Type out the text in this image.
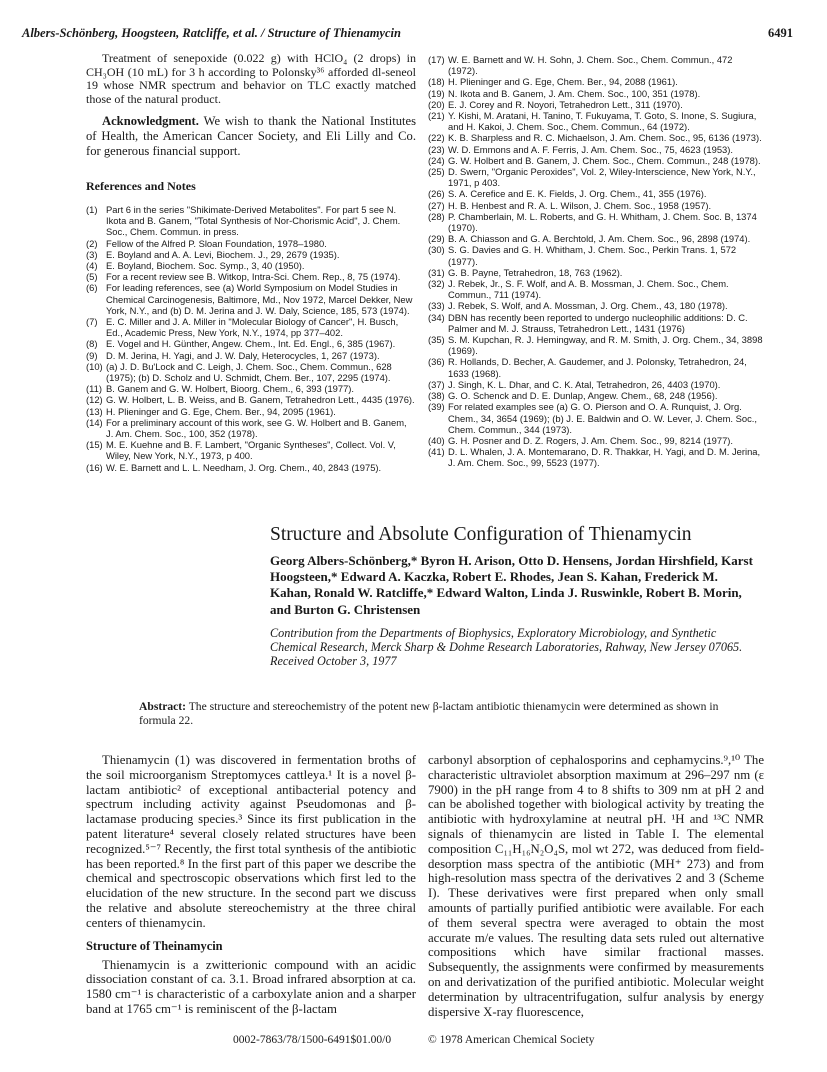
Albers-Schönberg, Hoogsteen, Ratcliffe, et al. / Structure of Thienamycin	6491

Treatment of senepoxide (0.022 g) with HClO₄ (2 drops) in CH₃OH (10 mL) for 3 h according to Polonsky³⁶ afforded dl-seneol 19 whose NMR spectrum and behavior on TLC exactly matched those of the natural product.

Acknowledgment. We wish to thank the National Institutes of Health, the American Cancer Society, and Eli Lilly and Co. for generous financial support.

References and Notes
(1) Part 6 in the series "Shikimate-Derived Metabolites". For part 5 see N. Ikota and B. Ganem, "Total Synthesis of Nor-Chorismic Acid", J. Chem. Soc., Chem. Commun. in press.
(2) Fellow of the Alfred P. Sloan Foundation, 1978–1980.
(3) E. Boyland and A. A. Levi, Biochem. J., 29, 2679 (1935).
(4) E. Boyland, Biochem. Soc. Symp., 3, 40 (1950).
(5) For a recent review see B. Witkop, Intra-Sci. Chem. Rep., 8, 75 (1974).
(6) For leading references, see (a) World Symposium on Model Studies in Chemical Carcinogenesis, Baltimore, Md., Nov 1972, Marcel Dekker, New York, N.Y., and (b) D. M. Jerina and J. W. Daly, Science, 185, 573 (1974).
(7) E. C. Miller and J. A. Miller in "Molecular Biology of Cancer", H. Busch, Ed., Academic Press, New York, N.Y., 1974, pp 377–402.
(8) E. Vogel and H. Günther, Angew. Chem., Int. Ed. Engl., 6, 385 (1967).
(9) D. M. Jerina, H. Yagi, and J. W. Daly, Heterocycles, 1, 267 (1973).
(10) (a) J. D. Bu'Lock and C. Leigh, J. Chem. Soc., Chem. Commun., 628 (1975); (b) D. Scholz and U. Schmidt, Chem. Ber., 107, 2295 (1974).
(11) B. Ganem and G. W. Holbert, Bioorg. Chem., 6, 393 (1977).
(12) G. W. Holbert, L. B. Weiss, and B. Ganem, Tetrahedron Lett., 4435 (1976).
(13) H. Plieninger and G. Ege, Chem. Ber., 94, 2095 (1961).
(14) For a preliminary account of this work, see G. W. Holbert and B. Ganem, J. Am. Chem. Soc., 100, 352 (1978).
(15) M. E. Kuehne and B. F. Lambert, "Organic Syntheses", Collect. Vol. V, Wiley, New York, N.Y., 1973, p 400.
(16) W. E. Barnett and L. L. Needham, J. Org. Chem., 40, 2843 (1975).
(17) W. E. Barnett and W. H. Sohn, J. Chem. Soc., Chem. Commun., 472 (1972).
(18) H. Plieninger and G. Ege, Chem. Ber., 94, 2088 (1961).
(19) N. Ikota and B. Ganem, J. Am. Chem. Soc., 100, 351 (1978).
(20) E. J. Corey and R. Noyori, Tetrahedron Lett., 311 (1970).
(21) Y. Kishi, M. Aratani, H. Tanino, T. Fukuyama, T. Goto, S. Inone, S. Sugiura, and H. Kakoi, J. Chem. Soc., Chem. Commun., 64 (1972).
(22) K. B. Sharpless and R. C. Michaelson, J. Am. Chem. Soc., 95, 6136 (1973).
(23) W. D. Emmons and A. F. Ferris, J. Am. Chem. Soc., 75, 4623 (1953).
(24) G. W. Holbert and B. Ganem, J. Chem. Soc., Chem. Commun., 248 (1978).
(25) D. Swern, "Organic Peroxides", Vol. 2, Wiley-Interscience, New York, N.Y., 1971, p 403.
(26) S. A. Cerefice and E. K. Fields, J. Org. Chem., 41, 355 (1976).
(27) H. B. Henbest and R. A. L. Wilson, J. Chem. Soc., 1958 (1957).
(28) P. Chamberlain, M. L. Roberts, and G. H. Whitham, J. Chem. Soc. B, 1374 (1970).
(29) B. A. Chiasson and G. A. Berchtold, J. Am. Chem. Soc., 96, 2898 (1974).
(30) S. G. Davies and G. H. Whitham, J. Chem. Soc., Perkin Trans. 1, 572 (1977).
(31) G. B. Payne, Tetrahedron, 18, 763 (1962).
(32) J. Rebek, Jr., S. F. Wolf, and A. B. Mossman, J. Chem. Soc., Chem. Commun., 711 (1974).
(33) J. Rebek, S. Wolf, and A. Mossman, J. Org. Chem., 43, 180 (1978).
(34) DBN has recently been reported to undergo nucleophilic additions: D. C. Palmer and M. J. Strauss, Tetrahedron Lett., 1431 (1976)
(35) S. M. Kupchan, R. J. Hemingway, and R. M. Smith, J. Org. Chem., 34, 3898 (1969).
(36) R. Hollands, D. Becher, A. Gaudemer, and J. Polonsky, Tetrahedron, 24, 1633 (1968).
(37) J. Singh, K. L. Dhar, and C. K. Atal, Tetrahedron, 26, 4403 (1970).
(38) G. O. Schenck and D. E. Dunlap, Angew. Chem., 68, 248 (1956).
(39) For related examples see (a) G. O. Pierson and O. A. Runquist, J. Org. Chem., 34, 3654 (1969); (b) J. E. Baldwin and O. W. Lever, J. Chem. Soc., Chem. Commun., 344 (1973).
(40) G. H. Posner and D. Z. Rogers, J. Am. Chem. Soc., 99, 8214 (1977).
(41) D. L. Whalen, J. A. Montemarano, D. R. Thakkar, H. Yagi, and D. M. Jerina, J. Am. Chem. Soc., 99, 5523 (1977).
Structure and Absolute Configuration of Thienamycin
Georg Albers-Schönberg,* Byron H. Arison, Otto D. Hensens, Jordan Hirshfield, Karst Hoogsteen,* Edward A. Kaczka, Robert E. Rhodes, Jean S. Kahan, Frederick M. Kahan, Ronald W. Ratcliffe,* Edward Walton, Linda J. Ruswinkle, Robert B. Morin, and Burton G. Christensen
Contribution from the Departments of Biophysics, Exploratory Microbiology, and Synthetic Chemical Research, Merck Sharp & Dohme Research Laboratories, Rahway, New Jersey 07065. Received October 3, 1977
Abstract: The structure and stereochemistry of the potent new β-lactam antibiotic thienamycin were determined as shown in formula 22.

Thienamycin (1) was discovered in fermentation broths of the soil microorganism Streptomyces cattleya.¹ It is a novel β-lactam antibiotic² of exceptional antibacterial potency and spectrum including activity against Pseudomonas and β-lactamase producing species.³ Since its first publication in the patent literature⁴ several closely related structures have been recognized.⁵⁻⁷ Recently, the first total synthesis of the antibiotic has been reported.⁸ In the first part of this paper we describe the chemical and spectroscopic observations which first led to the elucidation of the new structure. In the second part we discuss the relative and absolute stereochemistry at the three chiral centers of thienamycin.

Structure of Theinamycin

Thienamycin is a zwitterionic compound with an acidic dissociation constant of ca. 3.1. Broad infrared absorption at ca. 1580 cm⁻¹ is characteristic of a carboxylate anion and a sharper band at 1765 cm⁻¹ is reminiscent of the β-lactam

carbonyl absorption of cephalosporins and cephamycins.⁹,¹⁰ The characteristic ultraviolet absorption maximum at 296–297 nm (ε 7900) in the pH range from 4 to 8 shifts to 309 nm at pH 2 and can be abolished together with biological activity by treating the antibiotic with hydroxylamine at neutral pH. ¹H and ¹³C NMR signals of thienamycin are listed in Table I. The elemental composition C₁₁H₁₆N₂O₄S, mol wt 272, was deduced from field-desorption mass spectra of the antibiotic (MH⁺ 273) and from high-resolution mass spectra of the derivatives 2 and 3 (Scheme I). These derivatives were first prepared when only small amounts of partially purified antibiotic were available. For each of them several spectra were averaged to obtain the most accurate m/e values. The resulting data sets ruled out alternative compositions which have similar fractional masses. Subsequently, the assignments were confirmed by measurements on and derivatization of the purified antibiotic. Molecular weight determination by ultracentrifugation, sulfur analysis by energy dispersive X-ray fluorescence,

0002-7863/78/1500-6491$01.00/0	© 1978 American Chemical Society
